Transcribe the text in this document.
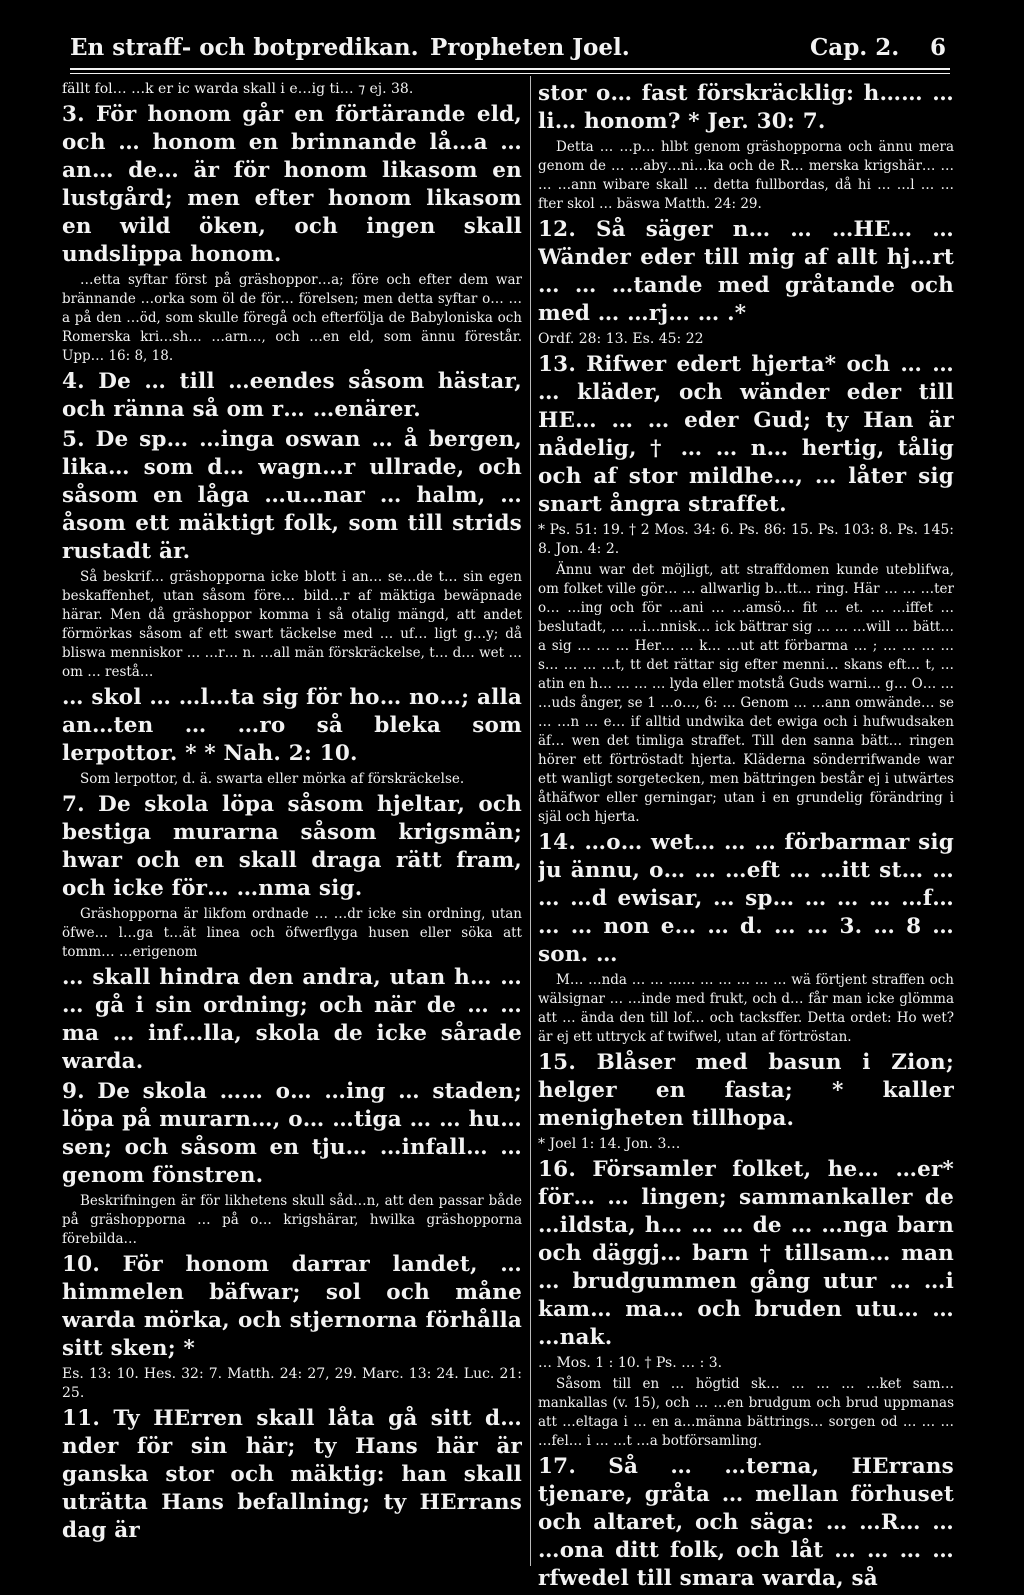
En straff- och botpredikan. Propheten Joel.	Cap. 2. 6

fällt fol… …k er ic warda skall i e…ig ti… ⁊ ej. 38.

3. För honom går en förtärande eld, och … honom en brinnande lå…a …an… de… är för honom likasom en lustgård; men efter honom likasom en wild öken, och ingen skall undslippa honom.

…etta syftar först på gräshoppor…a; före och efter dem war brännande …orka som öl de för… förelsen; men detta syftar o… …a på den …öd, som skulle föregå och efterfölja de Babyloniska och Romerska kri…sh… …arn…, och …en eld, som ännu förestår. Upp… 16: 8, 18.

4. De … till …eendes såsom hästar, och ränna så om r… …enärer.

5. De sp… …inga oswan … å bergen, lika… som d… wagn…r ullrade, och såsom en låga …u…nar … halm, …åsom ett mäktigt folk, som till strids rustadt är.

Så beskrif… gräshopporna icke blott i an… se…de t… sin egen beskaffenhet, utan såsom före… bild…r af mäktiga bewäpnade härar. Men då gräshoppor komma i så otalig mängd, att andet förmörkas såsom af ett swart täckelse med … uf… ligt g…y; då bliswa menniskor … …r… n. …all män förskräckelse, t… d… wet … om … restå…

… skol … …l…ta sig för ho… no…; alla an…ten … …ro så bleka som lerpottor. * * Nah. 2: 10.

Som lerpottor, d. ä. swarta eller mörka af förskräckelse.

7. De skola löpa såsom hjeltar, och bestiga murarna såsom krigsmän; hwar och en skall draga rätt fram, och icke för… …nma sig.

Gräshopporna är likfom ordnade … …dr icke sin ordning, utan öfwe… l…ga t…ät linea och öfwerflyga husen eller söka att tomm… …erigenom

… skall hindra den andra, utan h… … … gå i sin ordning; och när de … …ma … inf…lla, skola de icke sårade warda.

9. De skola …… o… …ing … staden; löpa på murarn…, o… …tiga … … hu… sen; och såsom en tju… …infall… …genom fönstren.

Beskrifningen är för likhetens skull såd…n, att den passar både på gräshopporna … på o… krigshärar, hwilka gräshopporna förebilda…

10. För honom darrar landet, … himmelen bäfwar; sol och måne warda mörka, och stjernorna förhålla sitt sken; *

Es. 13: 10. Hes. 32: 7. Matth. 24: 27, 29. Marc. 13: 24. Luc. 21: 25.

11. Ty HErren skall låta gå sitt d…nder för sin här; ty Hans här är ganska stor och mäktig: han skall uträtta Hans befallning; ty HErrans dag är

stor o… fast förskräcklig: h…… … li… honom? * Jer. 30: 7.

Detta … …p… hlbt genom gräshopporna och ännu mera genom de … …aby…ni…ka och de R… merska krigshär… … … …ann wibare skall … detta fullbordas, då hi … …l … …fter skol … bäswa Matth. 24: 29.

12. Så säger n… … …HE… … Wänder eder till mig af allt hj…rt … … …tande med gråtande och med … …rj… … .*

Ordf. 28: 13. Es. 45: 22

13. Rifwer edert hjerta* och … … … kläder, och wänder eder till HE… … … eder Gud; ty Han är nådelig, † … … n… hertig, tålig och af stor mildhe…, … låter sig snart ångra straffet.

* Ps. 51: 19. † 2 Mos. 34: 6. Ps. 86: 15. Ps. 103: 8. Ps. 145: 8. Jon. 4: 2.

Ännu war det möjligt, att straffdomen kunde uteblifwa, om folket ville gör… … allwarlig b…tt… ring. Här … … …ter o… …ing och för …ani … …amsö… fit … et. … …iffet … beslutadt, … …i…nnisk… ick bättrar sig … … …will … bätt…a sig … … … Her… … k… …ut att förbarma … ; … … … … s… … … …t, tt det rättar sig efter menni… skans eft… t, …atin en h… … … … lyda eller motstå Guds warni… g… O… … …uds ånger, se 1 …o…, 6: … Genom … …ann omwände… se … …n … e… if alltid undwika det ewiga och i hufwudsaken äf… wen det timliga straffet. Till den sanna bätt… ringen hörer ett förtröstadt hjerta. Kläderna sönderrifwande war ett wanligt sorgetecken, men bättringen består ej i utwärtes åthäfwor eller gerningar; utan i en grundelig förändring i själ och hjerta.

14. …o… wet… … … förbarmar sig ju ännu, o… … …eft … …itt st… … … …d ewisar, … sp… … … … …f… … … non e… … d. … … 3. … 8 …son. …

M… …nda … … …… … … … … … wä förtjent straffen och wälsignar … …inde med frukt, och d… får man icke glömma att … ända den till lof… och tacksffer. Detta ordet: Ho wet? är ej ett uttryck af twifwel, utan af förtröstan.

15. Blåser med basun i Zion; helger en fasta; * kaller menigheten tillhopa.

* Joel 1: 14. Jon. 3…

16. Församler folket, he… …er* för… … lingen; sammankaller de …ildsta, h… … … de … …nga barn och däggj… barn † tillsam… man … brudgummen gång utur … …i kam… ma… och bruden utu… … …nak.

… Mos. 1 : 10. † Ps. … : 3.

Såsom till en … högtid sk… … … … …ket sam… mankallas (v. 15), och … …en brudgum och brud uppmanas att …eltaga i … en a…männa bättrings… sorgen od … … … …fel… i … …t …a botförsamling.

17. Så … …terna, HErrans tjenare, gråta … mellan förhuset och altaret, och säga: … …R… … …ona ditt folk, och låt … … … …rfwedel till smara warda, så
